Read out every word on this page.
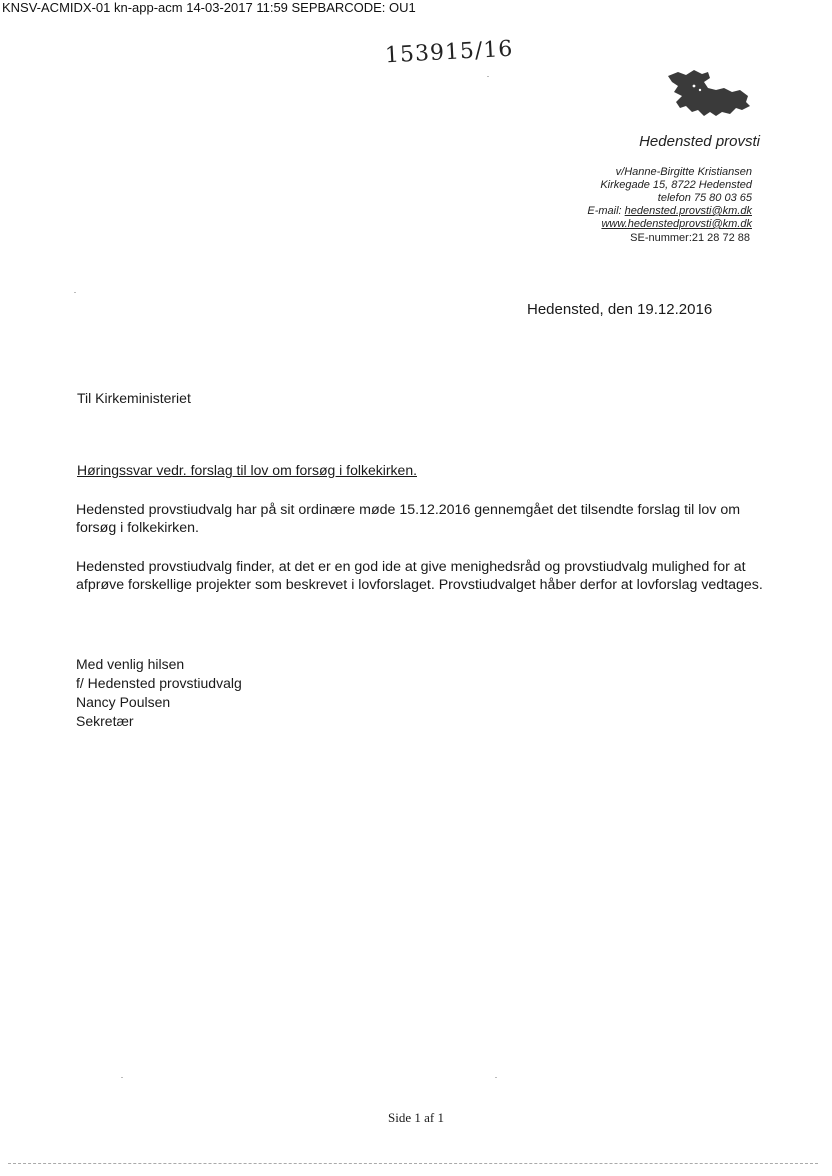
KNSV-ACMIDX-01 kn-app-acm 14-03-2017 11:59 SEPBARCODE: OU1
153915/16
Hedensted provsti
v/Hanne-Birgitte Kristiansen
Kirkegade 15, 8722 Hedensted
telefon 75 80 03 65
E-mail: hedensted.provsti@km.dk
www.hedenstedprovsti@km.dk
SE-nummer:21 28 72 88
Hedensted, den 19.12.2016
Til Kirkeministeriet
Høringssvar vedr. forslag til lov om forsøg i folkekirken.
Hedensted provstiudvalg har på sit ordinære møde 15.12.2016 gennemgået det tilsendte forslag til lov om forsøg i folkekirken.
Hedensted provstiudvalg finder, at det er en god ide at give menighedsråd og provstiudvalg mulighed for at afprøve forskellige projekter som beskrevet i lovforslaget. Provstiudvalget håber derfor at lovforslag vedtages.
Med venlig hilsen
f/ Hedensted provstiudvalg
Nancy Poulsen
Sekretær
Side 1 af 1
